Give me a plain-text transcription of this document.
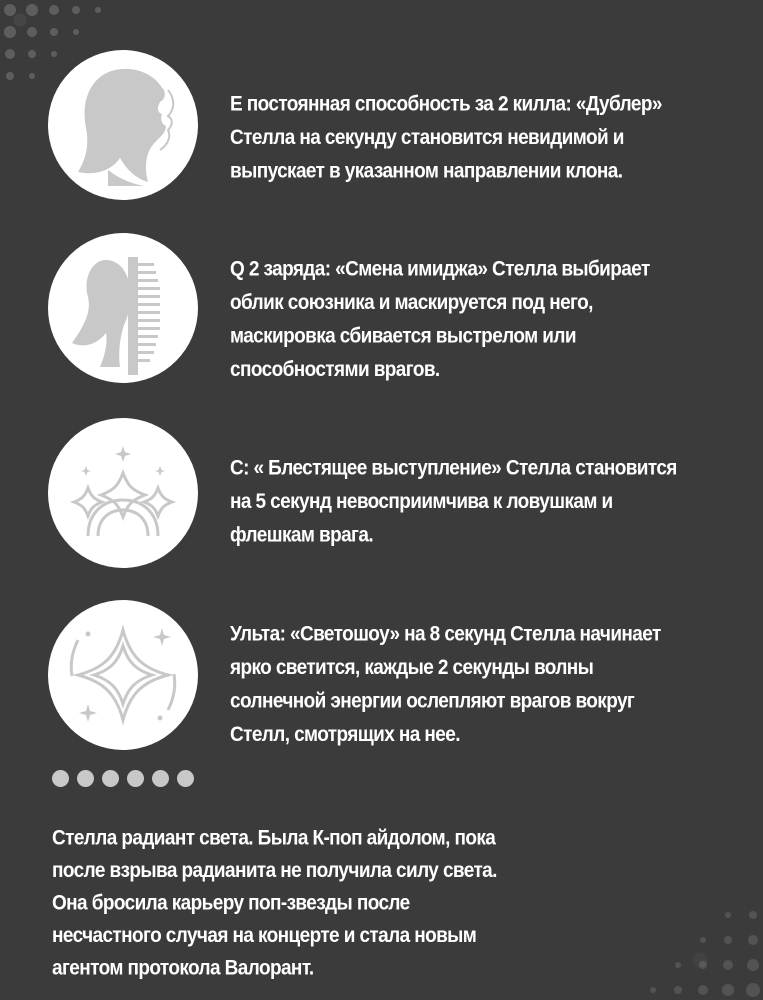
E постоянная способность за 2 килла: «Дублер»
Стелла на секунду становится невидимой и
выпускает в указанном направлении клона.
Q 2 заряда: «Смена имиджа» Стелла выбирает
облик союзника и маскируется под него,
маскировка сбивается выстрелом или
способностями врагов.
C: « Блестящее выступление» Стелла становится
на 5 секунд невосприимчива к ловушкам и
флешкам врага.
Ульта: «Светошоу» на 8 секунд Стелла начинает
ярко светится, каждые 2 секунды волны
солнечной энергии ослепляют врагов вокруг
Стелл, смотрящих на нее.
Стелла радиант света. Была К-поп айдолом, пока
после взрыва радианита не получила силу света.
Она бросила карьеру поп-звезды после
несчастного случая на концерте и стала новым
агентом протокола Валорант.
